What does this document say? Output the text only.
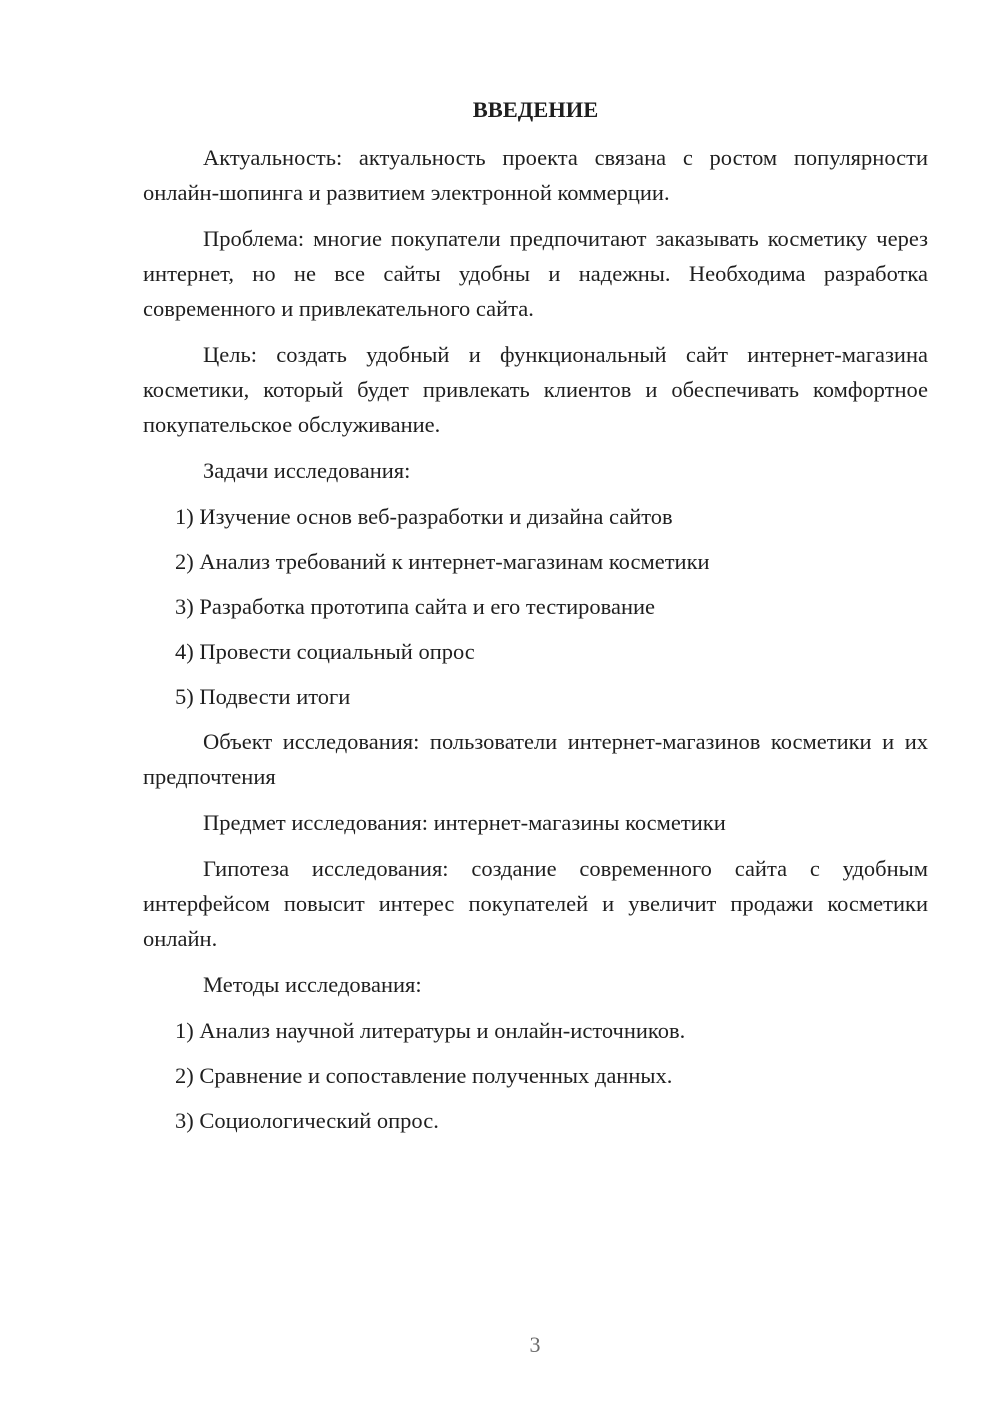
ВВЕДЕНИЕ

Актуальность: актуальность проекта связана с ростом популярности онлайн-шопинга и развитием электронной коммерции.

Проблема: многие покупатели предпочитают заказывать косметику через интернет, но не все сайты удобны и надежны. Необходима разработка современного и привлекательного сайта.

Цель: создать удобный и функциональный сайт интернет-магазина косметики, который будет привлекать клиентов и обеспечивать комфортное покупательское обслуживание.

Задачи исследования:

1) Изучение основ веб-разработки и дизайна сайтов
2) Анализ требований к интернет-магазинам косметики
3) Разработка прототипа сайта и его тестирование
4) Провести социальный опрос
5) Подвести итоги

Объект исследования: пользователи интернет-магазинов косметики и их предпочтения

Предмет исследования: интернет-магазины косметики

Гипотеза исследования: создание современного сайта с удобным интерфейсом повысит интерес покупателей и увеличит продажи косметики онлайн.

Методы исследования:

1) Анализ научной литературы и онлайн-источников.
2) Сравнение и сопоставление полученных данных.
3) Социологический опрос.
3
